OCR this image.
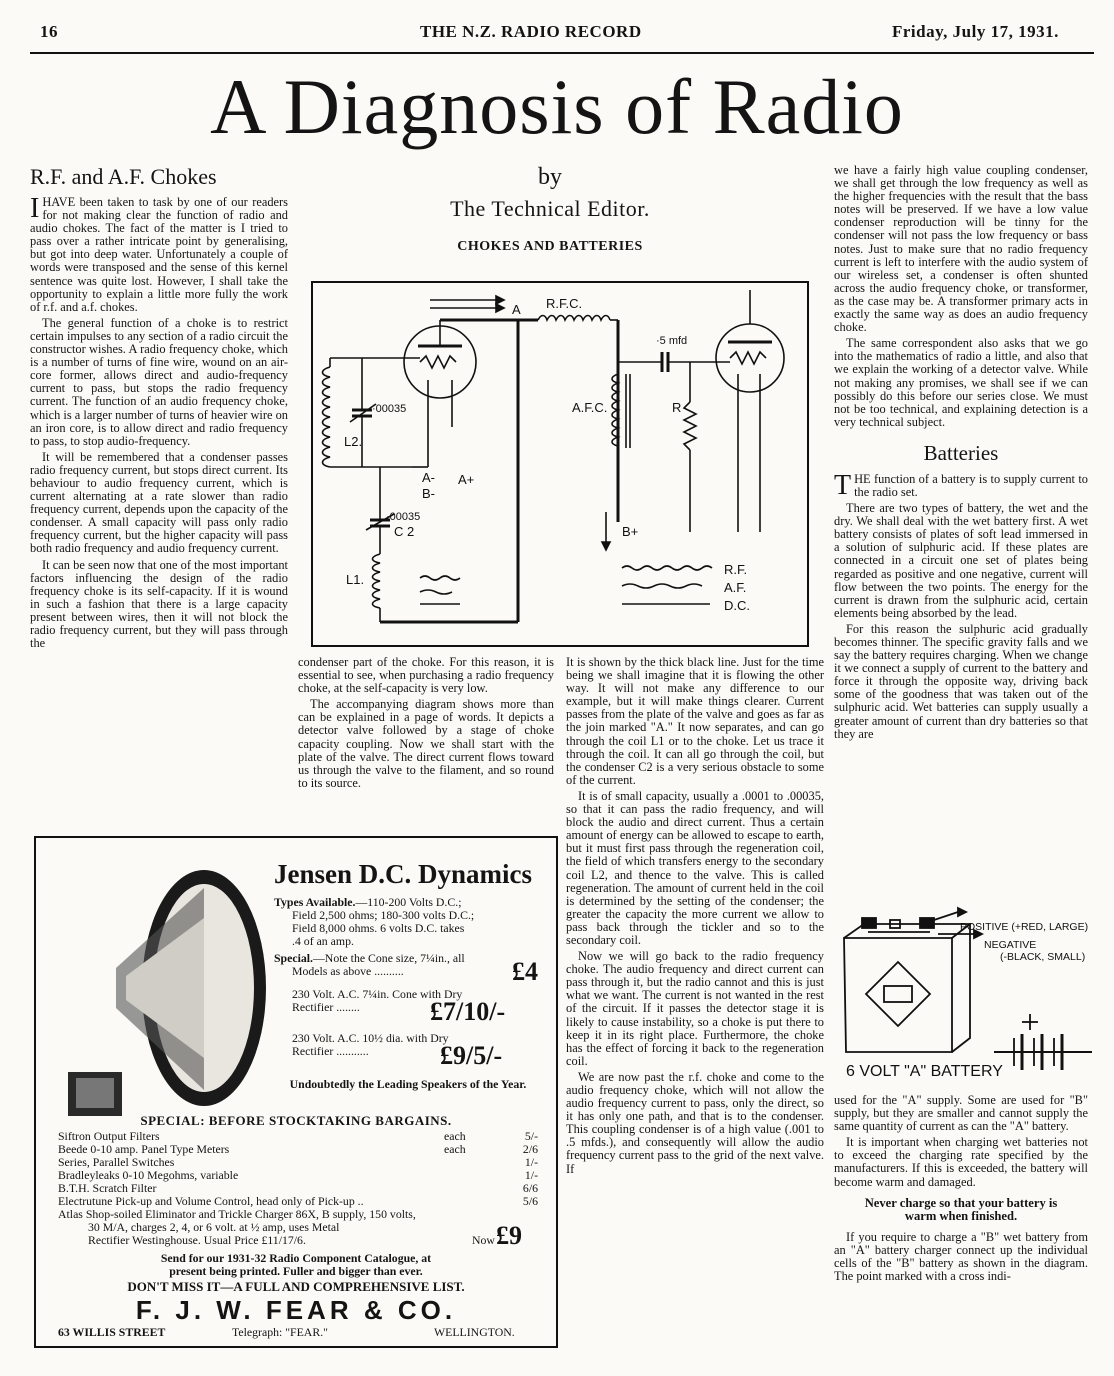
16	THE N.Z. RADIO RECORD	Friday, July 17, 1931.
A Diagnosis of Radio
by
The Technical Editor.
CHOKES AND BATTERIES
R.F. and A.F. Chokes

IHAVE been taken to task by one of our readers for not making clear the function of radio and audio chokes. The fact of the matter is I tried to pass over a rather intricate point by generalising, but got into deep water. Unfortunately a couple of words were transposed and the sense of this kernel sentence was quite lost. However, I shall take the opportunity to explain a little more fully the work of r.f. and a.f. chokes.

The general function of a choke is to restrict certain impulses to any section of a radio circuit the constructor wishes. A radio frequency choke, which is a number of turns of fine wire, wound on an air-core former, allows direct and audio-frequency current to pass, but stops the radio frequency current. The function of an audio frequency choke, which is a larger number of turns of heavier wire on an iron core, is to allow direct and radio frequency to pass, to stop audio-frequency.

It will be remembered that a condenser passes radio frequency current, but stops direct current. Its behaviour to audio frequency current, which is current alternating at a rate slower than radio frequency current, depends upon the capacity of the condenser. A small capacity will pass only radio frequency current, but the higher capacity will pass both radio frequency and audio frequency current.

It can be seen now that one of the most important factors influencing the design of the radio frequency choke is its self-capacity. If it is wound in such a fashion that there is a large capacity present between wires, then it will not block the radio frequency current, but they will pass through the

A R.F.C.
·5 mfd
A.F.C.	R
·00035
L2.
A- A+
B-
·00035
C 2
L1.
B+
R.F.
A.F.
D.C.

condenser part of the choke. For this reason, it is essential to see, when purchasing a radio frequency choke, at the self-capacity is very low.

The accompanying diagram shows more than can be explained in a page of words. It depicts a detector valve followed by a stage of choke capacity coupling. Now we shall start with the plate of the valve. The direct current flows toward us through the valve to the filament, and so round to its source.

It is shown by the thick black line. Just for the time being we shall imagine that it is flowing the other way. It will not make any difference to our example, but it will make things clearer. Current passes from the plate of the valve and goes as far as the join marked "A." It now separates, and can go through the coil L1 or to the choke. Let us trace it through the coil. It can all go through the coil, but the condenser C2 is a very serious obstacle to some of the current.

It is of small capacity, usually a .0001 to .00035, so that it can pass the radio frequency, and will block the audio and direct current. Thus a certain amount of energy can be allowed to escape to earth, but it must first pass through the regeneration coil, the field of which transfers energy to the secondary coil L2, and thence to the valve. This is called regeneration. The amount of current held in the coil is determined by the setting of the condenser; the greater the capacity the more current we allow to pass back through the tickler and so to the secondary coil.

Now we will go back to the radio frequency choke. The audio frequency and direct current can pass through it, but the radio cannot and this is just what we want. The current is not wanted in the rest of the circuit. If it passes the detector stage it is likely to cause instability, so a choke is put there to keep it in its right place. Furthermore, the choke has the effect of forcing it back to the regeneration coil.

We are now past the r.f. choke and come to the audio frequency choke, which will not allow the audio frequency current to pass, only the direct, so it has only one path, and that is to the condenser. This coupling condenser is of a high value (.001 to .5 mfds.), and consequently will allow the audio frequency current pass to the grid of the next valve. If

we have a fairly high value coupling condenser, we shall get through the low frequency as well as the higher frequencies with the result that the bass notes will be preserved. If we have a low value condenser reproduction will be tinny for the condenser will not pass the low frequency or bass notes. Just to make sure that no radio frequency current is left to interfere with the audio system of our wireless set, a condenser is often shunted across the audio frequency choke, or transformer, as the case may be. A transformer primary acts in exactly the same way as does an audio frequency choke.

The same correspondent also asks that we go into the mathematics of radio a little, and also that we explain the working of a detector valve. While not making any promises, we shall see if we can possibly do this before our series close. We must not be too technical, and explaining detection is a very technical subject.

Batteries

THE function of a battery is to supply current to the radio set.

There are two types of battery, the wet and the dry. We shall deal with the wet battery first. A wet battery consists of plates of soft lead immersed in a solution of sulphuric acid. If these plates are connected in a circuit one set of plates being regarded as positive and one negative, current will flow between the two points. The energy for the current is drawn from the sulphuric acid, certain elements being absorbed by the lead.

For this reason the sulphuric acid gradually becomes thinner. The specific gravity falls and we say the battery requires charging. When we change it we connect a supply of current to the battery and force it through the opposite way, driving back some of the goodness that was taken out of the sulphuric acid. Wet batteries can supply usually a greater amount of current than dry batteries so that they are

POSITIVE (+RED, LARGE)
NEGATIVE
(-BLACK, SMALL)
6 VOLT "A" BATTERY

used for the "A" supply. Some are used for "B" supply, but they are smaller and cannot supply the same quantity of current as can the "A" battery.

It is important when charging wet batteries not to exceed the charging rate specified by the manufacturers. If this is exceeded, the battery will become warm and damaged.

Never charge so that your battery is warm when finished.

If you require to charge a "B" wet battery from an "A" battery charger connect up the individual cells of the "B" battery as shown in the diagram. The point marked with a cross indi-

Jensen D.C. Dynamics
Types Available.—110-200 Volts D.C.;
Field 2,500 ohms; 180-300 volts D.C.;
Field 8,000 ohms. 6 volts D.C. takes
.4 of an amp.
Special.—Note the Cone size, 7¼in., all
Models as above ..........	£4
230 Volt. A.C. 7¼in. Cone with Dry
Rectifier ........	£7/10/-
230 Volt. A.C. 10½ dia. with Dry
Rectifier ...........	£9/5/-
Undoubtedly the Leading Speakers of the Year.
SPECIAL: BEFORE STOCKTAKING BARGAINS.
Siftron Output Filters	each	5/-
Beede 0-10 amp. Panel Type Meters	each	2/6
Series, Parallel Switches	1/-
Bradleyleaks 0-10 Megohms, variable	1/-
B.T.H. Scratch Filter	6/6
Electrutune Pick-up and Volume Control, head only of Pick-up ..	5/6
Atlas Shop-soiled Eliminator and Trickle Charger 86X, B supply, 150 volts,
30 M/A, charges 2, 4, or 6 volt. at ½ amp, uses Metal
Rectifier Westinghouse. Usual Price £11/17/6.	Now £9
Send for our 1931-32 Radio Component Catalogue, at
present being printed. Fuller and bigger than ever.
DON'T MISS IT—A FULL AND COMPREHENSIVE LIST.
F. J. W. FEAR & CO.
63 WILLIS STREET	Telegraph: "FEAR."	WELLINGTON.
